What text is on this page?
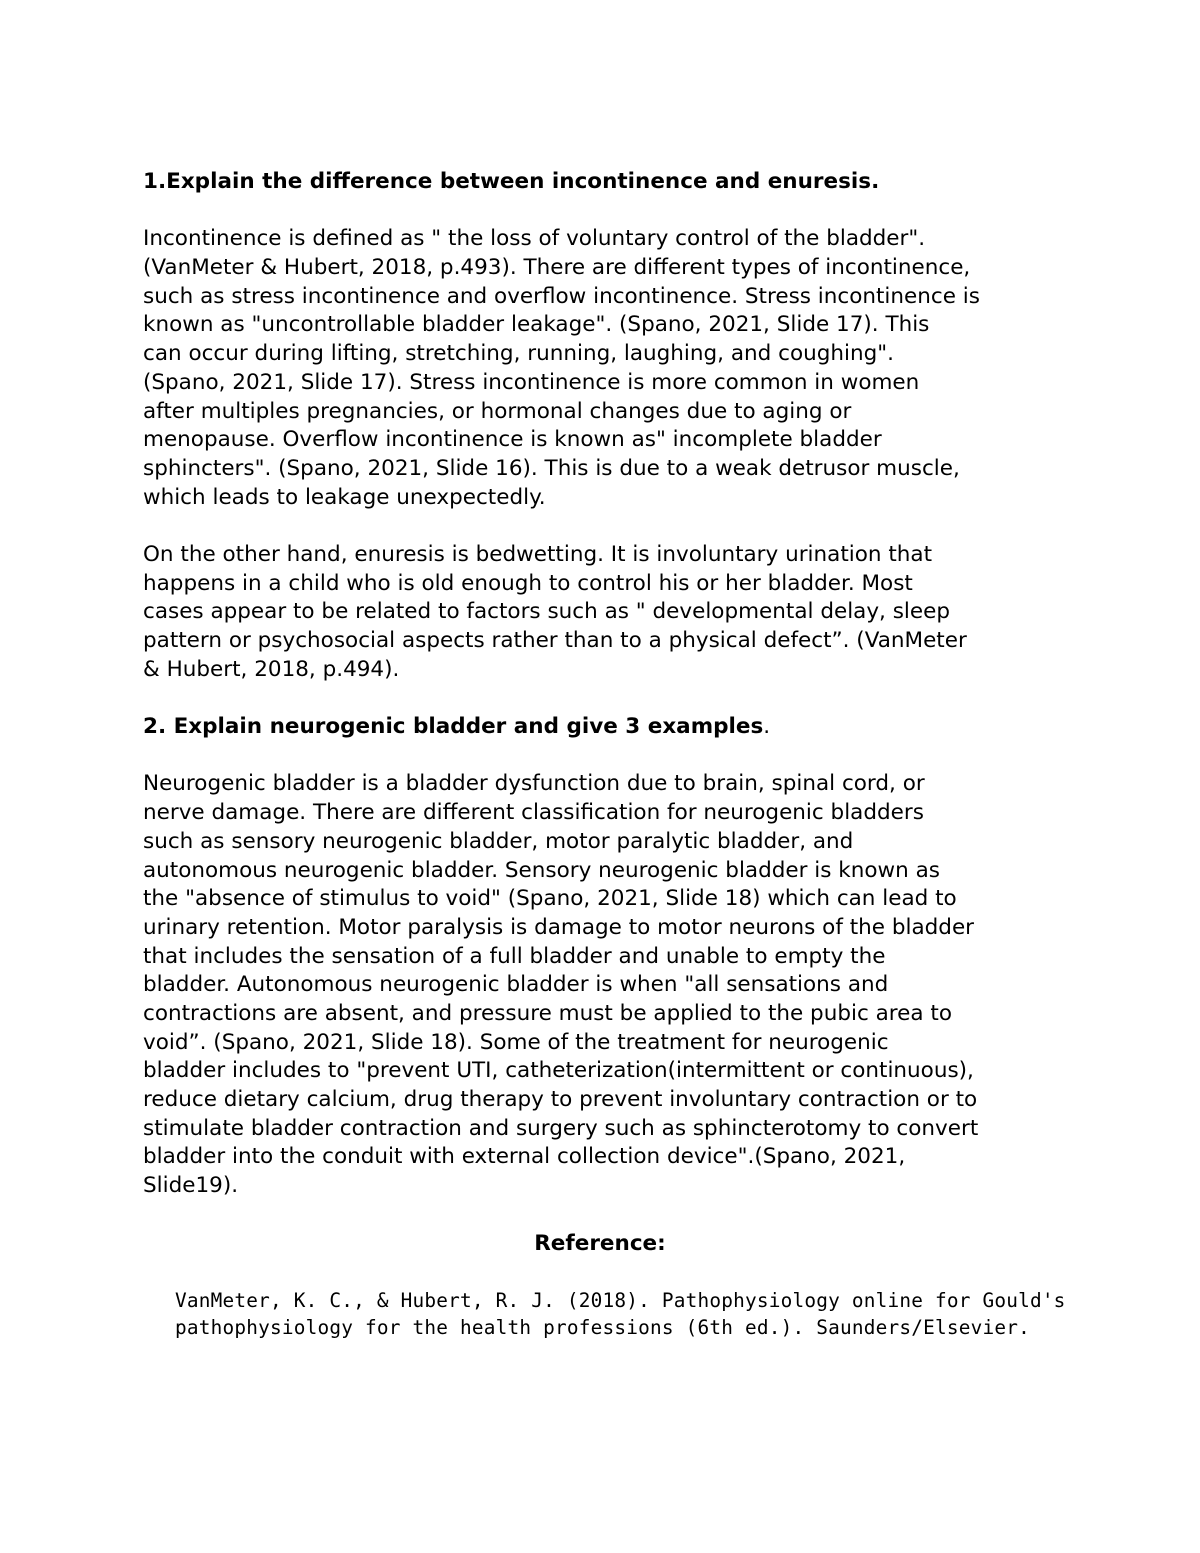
1.Explain the difference between incontinence and enuresis.
Incontinence is defined as " the loss of voluntary control of the bladder".
(VanMeter & Hubert, 2018, p.493). There are different types of incontinence,
such as stress incontinence and overflow incontinence. Stress incontinence is
known as "uncontrollable bladder leakage". (Spano, 2021, Slide 17). This
can occur during lifting, stretching, running, laughing, and coughing".
(Spano, 2021, Slide 17). Stress incontinence is more common in women
after multiples pregnancies, or hormonal changes due to aging or
menopause. Overflow incontinence is known as" incomplete bladder
sphincters". (Spano, 2021, Slide 16). This is due to a weak detrusor muscle,
which leads to leakage unexpectedly.
On the other hand, enuresis is bedwetting. It is involuntary urination that
happens in a child who is old enough to control his or her bladder. Most
cases appear to be related to factors such as " developmental delay, sleep
pattern or psychosocial aspects rather than to a physical defect”. (VanMeter
& Hubert, 2018, p.494).
2. Explain neurogenic bladder and give 3 examples.
Neurogenic bladder is a bladder dysfunction due to brain, spinal cord, or
nerve damage. There are different classification for neurogenic bladders
such as sensory neurogenic bladder, motor paralytic bladder, and
autonomous neurogenic bladder. Sensory neurogenic bladder is known as
the "absence of stimulus to void" (Spano, 2021, Slide 18) which can lead to
urinary retention. Motor paralysis is damage to motor neurons of the bladder
that includes the sensation of a full bladder and unable to empty the
bladder. Autonomous neurogenic bladder is when "all sensations and
contractions are absent, and pressure must be applied to the pubic area to
void”. (Spano, 2021, Slide 18). Some of the treatment for neurogenic
bladder includes to "prevent UTI, catheterization(intermittent or continuous),
reduce dietary calcium, drug therapy to prevent involuntary contraction or to
stimulate bladder contraction and surgery such as sphincterotomy to convert
bladder into the conduit with external collection device".(Spano, 2021,
Slide19).
Reference:
VanMeter, K. C., & Hubert, R. J. (2018). Pathophysiology online for Gould's
pathophysiology for the health professions (6th ed.). Saunders/Elsevier.
